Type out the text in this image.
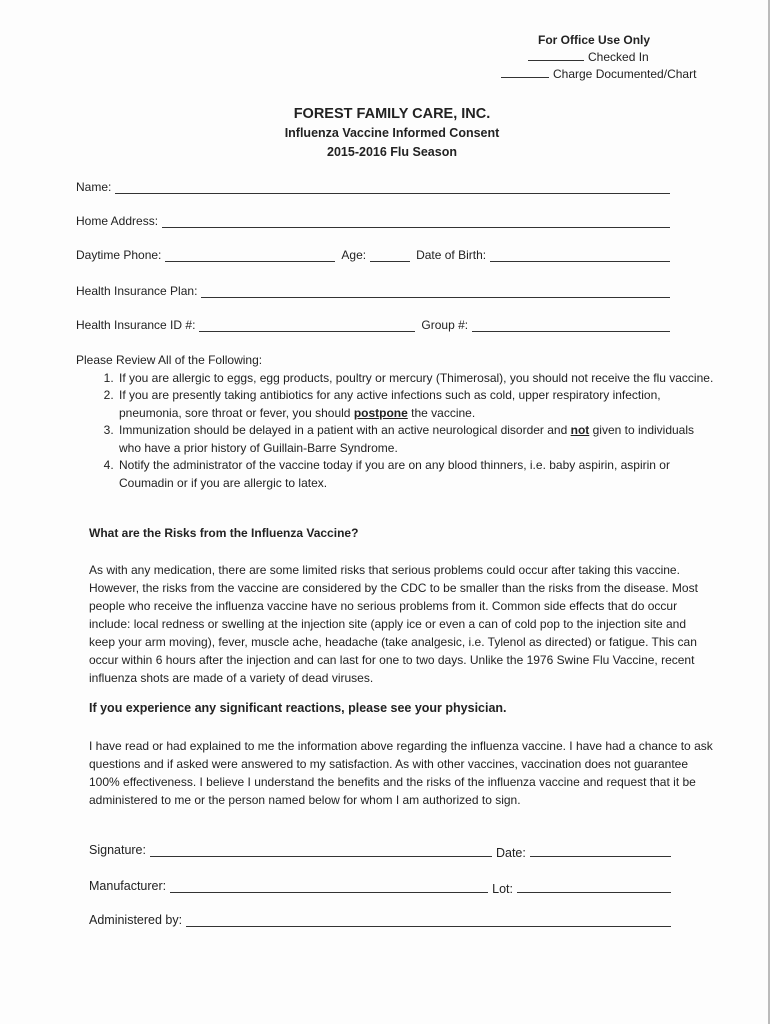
For Office Use Only
Checked In
Charge Documented/Chart
FOREST FAMILY CARE, INC.
Influenza Vaccine Informed Consent
2015-2016 Flu Season
Name:
Home Address:
Daytime Phone:	Age:	Date of Birth:
Health Insurance Plan:
Health Insurance ID #:	Group #:
Please Review All of the Following:
1. If you are allergic to eggs, egg products, poultry or mercury (Thimerosal), you should not receive the flu vaccine.
2. If you are presently taking antibiotics for any active infections such as cold, upper respiratory infection, pneumonia, sore throat or fever, you should postpone the vaccine.
3. Immunization should be delayed in a patient with an active neurological disorder and not given to individuals who have a prior history of Guillain-Barre Syndrome.
4. Notify the administrator of the vaccine today if you are on any blood thinners, i.e. baby aspirin, aspirin or Coumadin or if you are allergic to latex.
What are the Risks from the Influenza Vaccine?
As with any medication, there are some limited risks that serious problems could occur after taking this vaccine. However, the risks from the vaccine are considered by the CDC to be smaller than the risks from the disease. Most people who receive the influenza vaccine have no serious problems from it. Common side effects that do occur include: local redness or swelling at the injection site (apply ice or even a can of cold pop to the injection site and keep your arm moving), fever, muscle ache, headache (take analgesic, i.e. Tylenol as directed) or fatigue. This can occur within 6 hours after the injection and can last for one to two days. Unlike the 1976 Swine Flu Vaccine, recent influenza shots are made of a variety of dead viruses.
If you experience any significant reactions, please see your physician.
I have read or had explained to me the information above regarding the influenza vaccine. I have had a chance to ask questions and if asked were answered to my satisfaction. As with other vaccines, vaccination does not guarantee 100% effectiveness. I believe I understand the benefits and the risks of the influenza vaccine and request that it be administered to me or the person named below for whom I am authorized to sign.
Signature:	Date:
Manufacturer:	Lot:
Administered by:
